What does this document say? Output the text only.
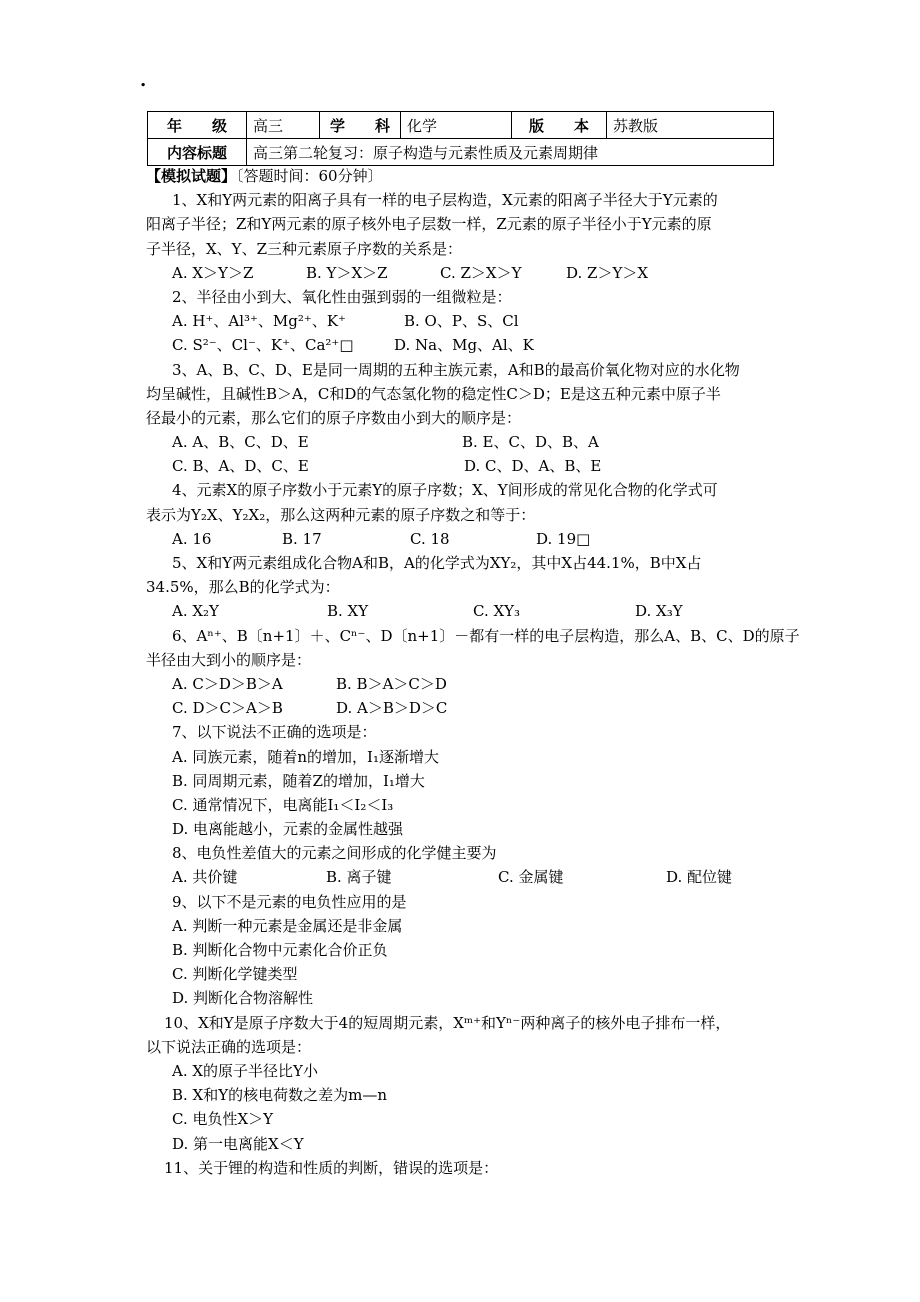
.
年　　级	高三	学　　科	化学	版　　本	苏教版
内容标题	高三第二轮复习：原子构造与元素性质及元素周期律				
【模拟试题】〔答题时间：60分钟〕
1、X和Y两元素的阳离子具有一样的电子层构造，X元素的阳离子半径大于Y元素的
阳离子半径；Z和Y两元素的原子核外电子层数一样，Z元素的原子半径小于Y元素的原
子半径，X、Y、Z三种元素原子序数的关系是：
A. X＞Y＞Z	B. Y＞X＞Z	C. Z＞X＞Y	D. Z＞Y＞X
2、半径由小到大、氧化性由强到弱的一组微粒是：
A. H⁺、Al³⁺、Mg²⁺、K⁺	B. O、P、S、Cl
C. S²⁻、Cl⁻、K⁺、Ca²⁺□	D. Na、Mg、Al、K
3、A、B、C、D、E是同一周期的五种主族元素，A和B的最高价氧化物对应的水化物
均呈碱性，且碱性B＞A，C和D的气态氢化物的稳定性C＞D；E是这五种元素中原子半
径最小的元素，那么它们的原子序数由小到大的顺序是：
A. A、B、C、D、E	B. E、C、D、B、A
C. B、A、D、C、E	D. C、D、A、B、E
4、元素X的原子序数小于元素Y的原子序数；X、Y间形成的常见化合物的化学式可
表示为Y₂X、Y₂X₂，那么这两种元素的原子序数之和等于：
A. 16	B. 17	C. 18	D. 19□
5、X和Y两元素组成化合物A和B，A的化学式为XY₂，其中X占44.1%，B中X占
34.5%，那么B的化学式为：
A. X₂Y	B. XY	C. XY₃	D. X₃Y
6、Aⁿ⁺、B〔n+1〕＋、Cⁿ⁻、D〔n+1〕－都有一样的电子层构造，那么A、B、C、D的原子
半径由大到小的顺序是：
A. C＞D＞B＞A	B. B＞A＞C＞D
C. D＞C＞A＞B	D. A＞B＞D＞C
7、以下说法不正确的选项是：
A. 同族元素，随着n的增加，I₁逐渐增大
B. 同周期元素，随着Z的增加，I₁增大
C. 通常情况下，电离能I₁＜I₂＜I₃
D. 电离能越小，元素的金属性越强
8、电负性差值大的元素之间形成的化学健主要为
A. 共价键	B. 离子键	C. 金属键	D. 配位键
9、以下不是元素的电负性应用的是
A. 判断一种元素是金属还是非金属
B. 判断化合物中元素化合价正负
C. 判断化学键类型
D. 判断化合物溶解性
10、X和Y是原子序数大于4的短周期元素，Xᵐ⁺和Yⁿ⁻两种离子的核外电子排布一样，
以下说法正确的选项是：
A. X的原子半径比Y小
B. X和Y的核电荷数之差为m—n
C. 电负性X＞Y
D. 第一电离能X＜Y
11、关于锂的构造和性质的判断，错误的选项是：
